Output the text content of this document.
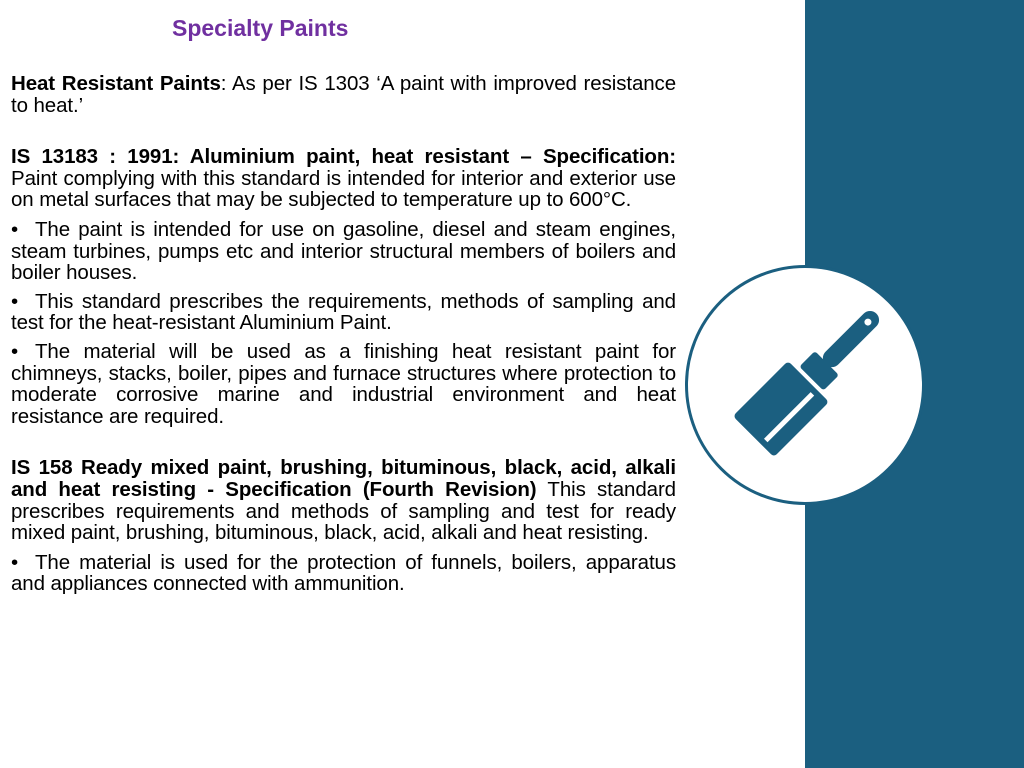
Specialty Paints

Heat Resistant Paints: As per IS 1303 ‘A paint with improved resistance to heat.’

IS 13183 : 1991: Aluminium paint, heat resistant – Specification: Paint complying with this standard is intended for interior and exterior use on metal surfaces that may be subjected to temperature up to 600°C.

• The paint is intended for use on gasoline, diesel and steam engines, steam turbines, pumps etc and interior structural members of boilers and boiler houses.
• This standard prescribes the requirements, methods of sampling and test for the heat-resistant Aluminium Paint.
• The material will be used as a finishing heat resistant paint for chimneys, stacks, boiler, pipes and furnace structures where protection to moderate corrosive marine and industrial environment and heat resistance are required.

IS 158 Ready mixed paint, brushing, bituminous, black, acid, alkali and heat resisting - Specification (Fourth Revision) This standard prescribes requirements and methods of sampling and test for ready mixed paint, brushing, bituminous, black, acid, alkali and heat resisting.

• The material is used for the protection of funnels, boilers, apparatus and appliances connected with ammunition.
